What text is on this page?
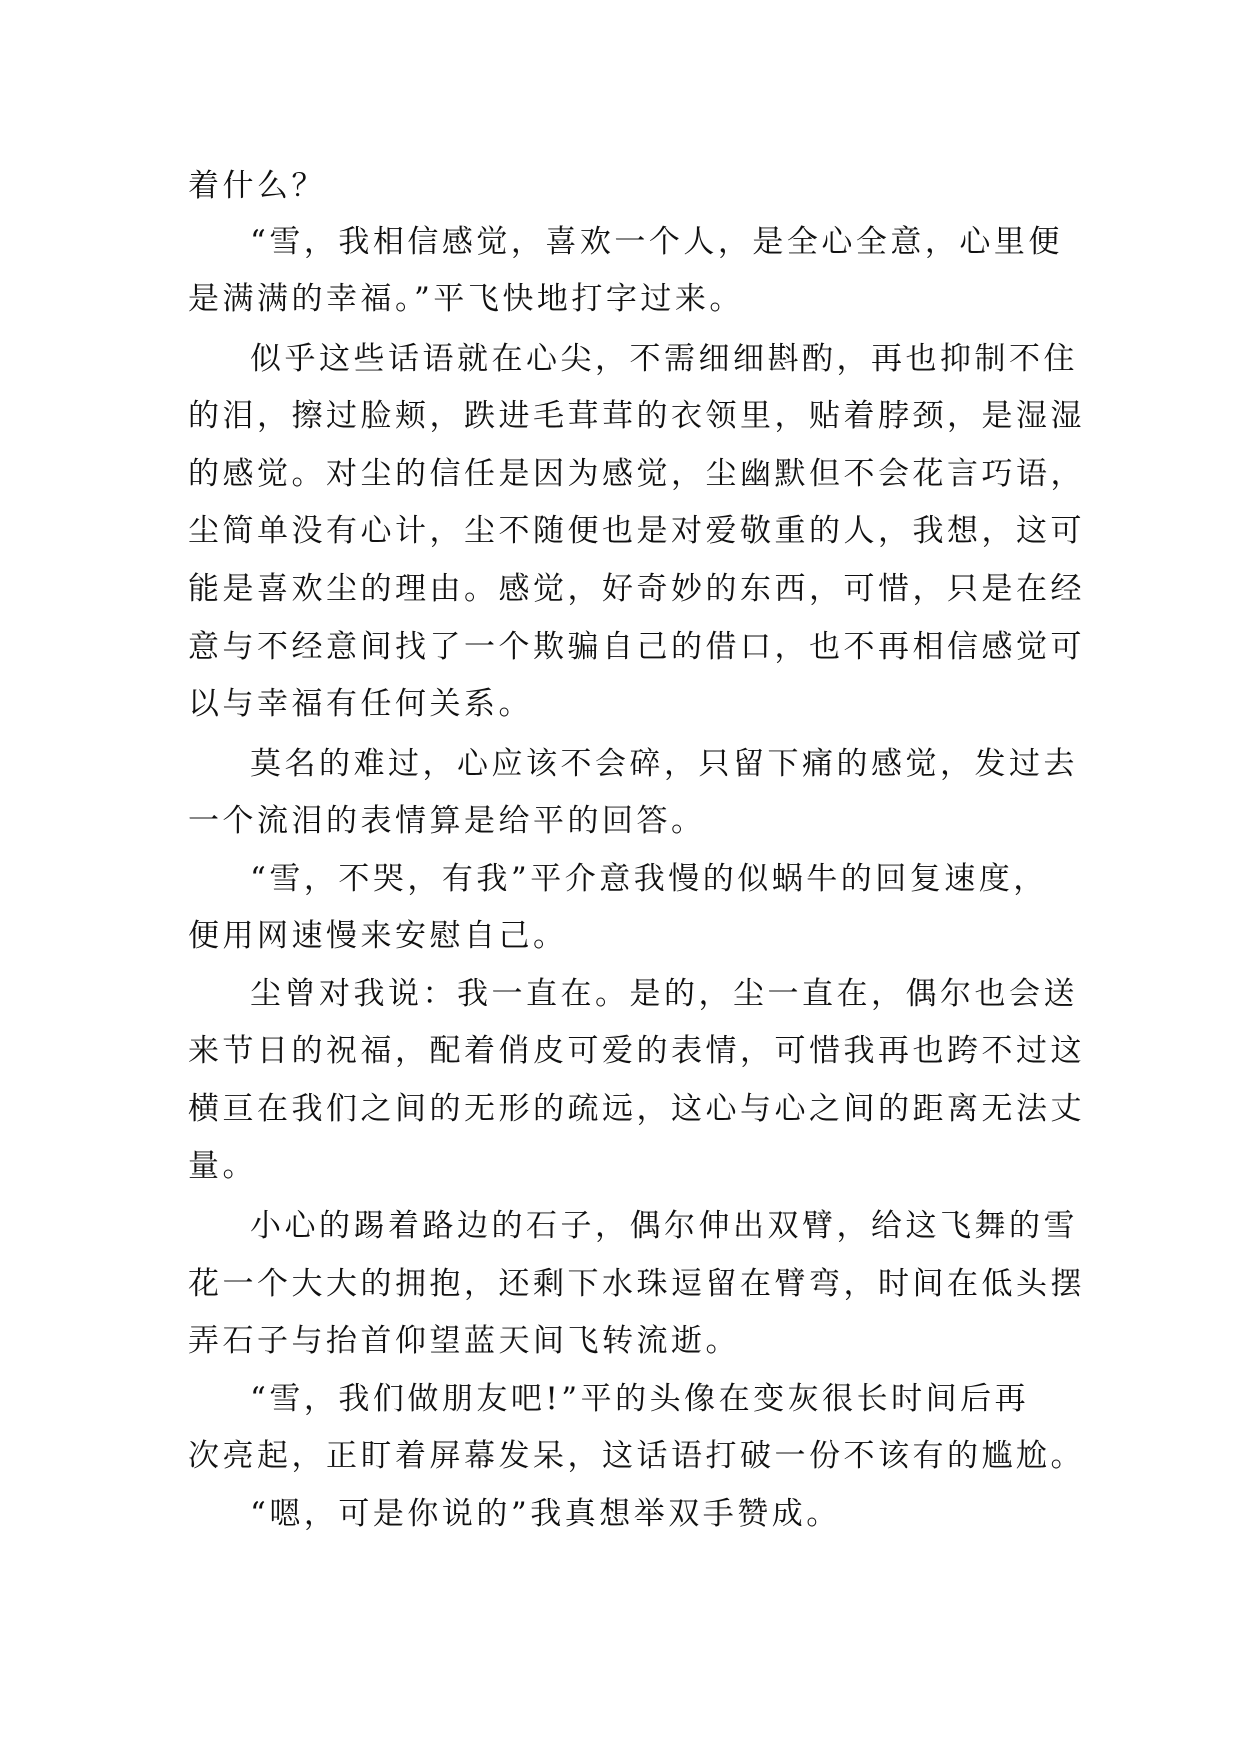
着什么？
“雪，我相信感觉，喜欢一个人，是全心全意，心里便
是满满的幸福。”平飞快地打字过来。
似乎这些话语就在心尖，不需细细斟酌，再也抑制不住
的泪，擦过脸颊，跌进毛茸茸的衣领里，贴着脖颈，是湿湿
的感觉。对尘的信任是因为感觉，尘幽默但不会花言巧语，
尘简单没有心计，尘不随便也是对爱敬重的人，我想，这可
能是喜欢尘的理由。感觉，好奇妙的东西，可惜，只是在经
意与不经意间找了一个欺骗自己的借口，也不再相信感觉可
以与幸福有任何关系。
莫名的难过，心应该不会碎，只留下痛的感觉，发过去
一个流泪的表情算是给平的回答。
“雪，不哭，有我”平介意我慢的似蜗牛的回复速度，
便用网速慢来安慰自己。
尘曾对我说：我一直在。是的，尘一直在，偶尔也会送
来节日的祝福，配着俏皮可爱的表情，可惜我再也跨不过这
横亘在我们之间的无形的疏远，这心与心之间的距离无法丈
量。
小心的踢着路边的石子，偶尔伸出双臂，给这飞舞的雪
花一个大大的拥抱，还剩下水珠逗留在臂弯，时间在低头摆
弄石子与抬首仰望蓝天间飞转流逝。
“雪，我们做朋友吧!”平的头像在变灰很长时间后再
次亮起，正盯着屏幕发呆，这话语打破一份不该有的尴尬。
“嗯，可是你说的”我真想举双手赞成。
